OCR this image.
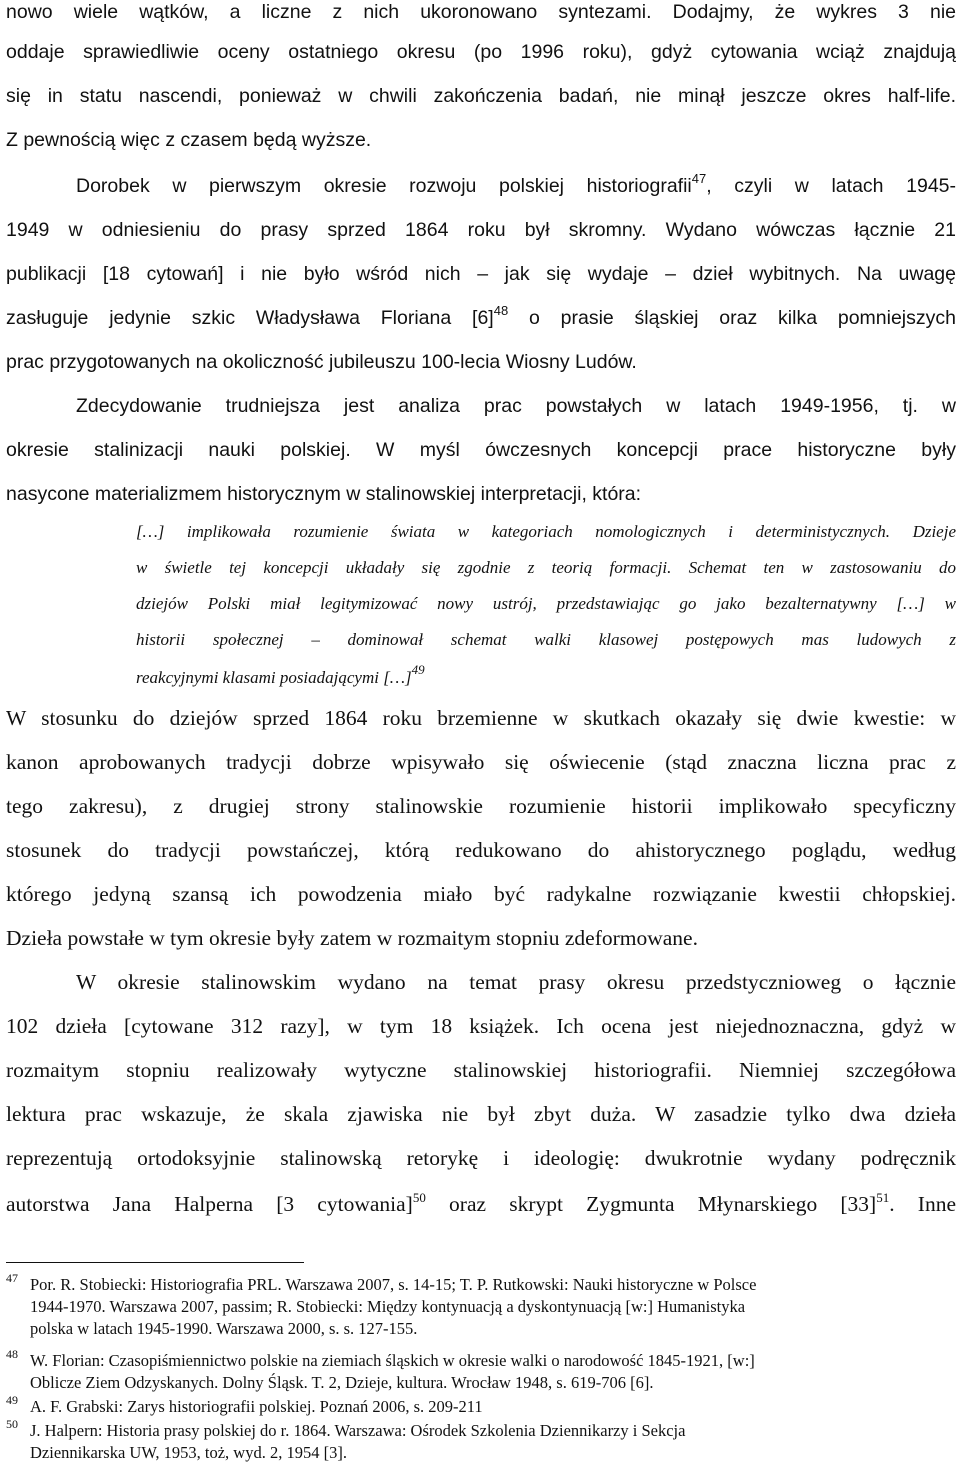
nowo wiele wątków, a liczne z nich ukoronowano syntezami. Dodajmy, że wykres 3 nie
oddaje sprawiedliwie oceny ostatniego okresu (po 1996 roku), gdyż cytowania wciąż znajdują
się in statu nascendi, ponieważ w chwili zakończenia badań, nie minął jeszcze okres half-life.
Z pewnością więc z czasem będą wyższe.
Dorobek w pierwszym okresie rozwoju polskiej historiografii$^{47}$, czyli w latach 1945-
1949 w odniesieniu do prasy sprzed 1864 roku był skromny. Wydano wówczas łącznie 21
publikacji [18 cytowań] i nie było wśród nich – jak się wydaje – dzieł wybitnych. Na uwagę
zasługuje jedynie szkic Władysława Floriana $[6]^{48}$ o prasie śląskiej oraz kilka pomniejszych
prac przygotowanych na okoliczność jubileuszu 100-lecia Wiosny Ludów.
Zdecydowanie trudniejsza jest analiza prac powstałych w latach 1949-1956, tj. w
okresie stalinizacji nauki polskiej. W myśl ówczesnych koncepcji prace historyczne były
nasycone materializmem historycznym w stalinowskiej interpretacji, która:
[…] implikowała rozumienie świata w kategoriach nomologicznych i deterministycznych. Dzieje
w świetle tej koncepcji układały się zgodnie z teorią formacji. Schemat ten w zastosowaniu do
dziejów Polski miał legitymizować nowy ustrój, przedstawiając go jako bezalternatywny […] w
historii społecznej – dominował schemat walki klasowej postępowych mas ludowych z
reakcyjnymi klasami posiadającymi […]$^{49}$
W stosunku do dziejów sprzed 1864 roku brzemienne w skutkach okazały się dwie kwestie: w
kanon aprobowanych tradycji dobrze wpisywało się oświecenie (stąd znaczna liczna prac z
tego zakresu), z drugiej strony stalinowskie rozumienie historii implikowało specyficzny
stosunek do tradycji powstańczej, którą redukowano do ahistorycznego poglądu, według
którego jedyną szansą ich powodzenia miało być radykalne rozwiązanie kwestii chłopskiej.
Dzieła powstałe w tym okresie były zatem w rozmaitym stopniu zdeformowane.
W okresie stalinowskim wydano na temat prasy okresu przedstycznioweg o łącznie
102 dzieła [cytowane 312 razy], w tym 18 książek. Ich ocena jest niejednoznaczna, gdyż w
rozmaitym stopniu realizowały wytyczne stalinowskiej historiografii. Niemniej szczegółowa
lektura prac wskazuje, że skala zjawiska nie był zbyt duża. W zasadzie tylko dwa dzieła
reprezentują ortodoksyjnie stalinowską retorykę i ideologię: dwukrotnie wydany podręcznik
autorstwa Jana Halperna [3 cytowania]$^{50}$ oraz skrypt Zygmunta Młynarskiego $[33]^{51}$. Inne
47 Por. R. Stobiecki: Historiografia PRL. Warszawa 2007, s. 14-15; T. P. Rutkowski: Nauki historyczne w Polsce
1944-1970. Warszawa 2007, passim; R. Stobiecki: Między kontynuacją a dyskontynuacją [w:] Humanistyka
polska w latach 1945-1990. Warszawa 2000, s. s. 127-155.
48 W. Florian: Czasopiśmiennictwo polskie na ziemiach śląskich w okresie walki o narodowość 1845-1921, [w:]
Oblicze Ziem Odzyskanych. Dolny Śląsk. T. 2, Dzieje, kultura. Wrocław 1948, s. 619-706 [6].
49 A. F. Grabski: Zarys historiografii polskiej. Poznań 2006, s. 209-211
50 J. Halpern: Historia prasy polskiej do r. 1864. Warszawa: Ośrodek Szkolenia Dziennikarzy i Sekcja
Dziennikarska UW, 1953, toż, wyd. 2, 1954 [3].
